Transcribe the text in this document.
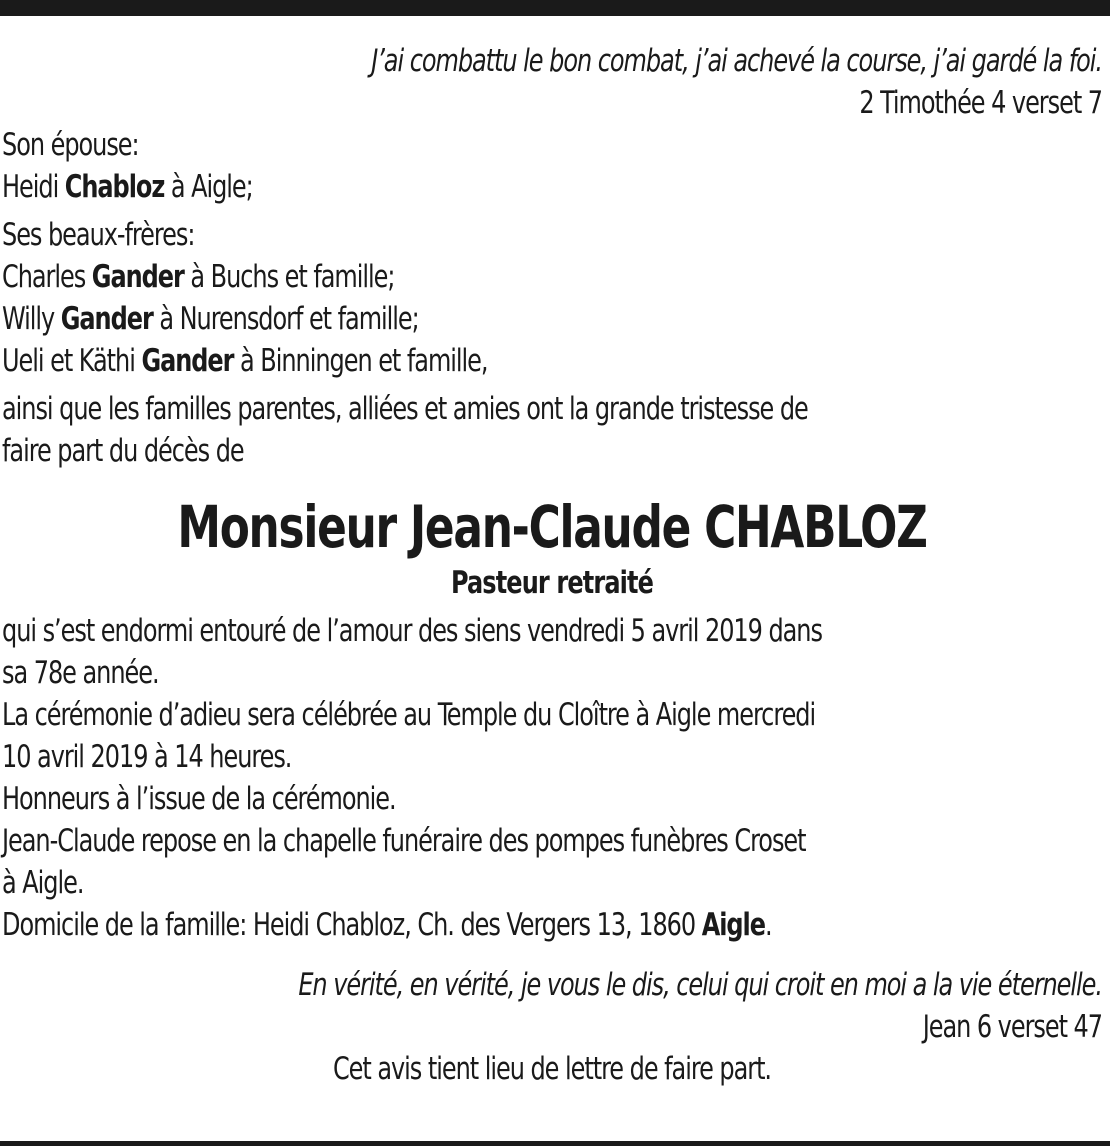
J’ai combattu le bon combat, j’ai achevé la course, j’ai gardé la foi.
2 Timothée 4 verset 7
Son épouse:
Heidi Chabloz à Aigle;
Ses beaux-frères:
Charles Gander à Buchs et famille;
Willy Gander à Nurensdorf et famille;
Ueli et Käthi Gander à Binningen et famille,
ainsi que les familles parentes, alliées et amies ont la grande tristesse de
faire part du décès de
Monsieur Jean-Claude CHABLOZ
Pasteur retraité
qui s’est endormi entouré de l’amour des siens vendredi 5 avril 2019 dans
sa 78e année.
La cérémonie d’adieu sera célébrée au Temple du Cloître à Aigle mercredi
10 avril 2019 à 14 heures.
Honneurs à l’issue de la cérémonie.
Jean-Claude repose en la chapelle funéraire des pompes funèbres Croset
à Aigle.
Domicile de la famille: Heidi Chabloz, Ch. des Vergers 13, 1860 Aigle.
En vérité, en vérité, je vous le dis, celui qui croit en moi a la vie éternelle.
Jean 6 verset 47
Cet avis tient lieu de lettre de faire part.
